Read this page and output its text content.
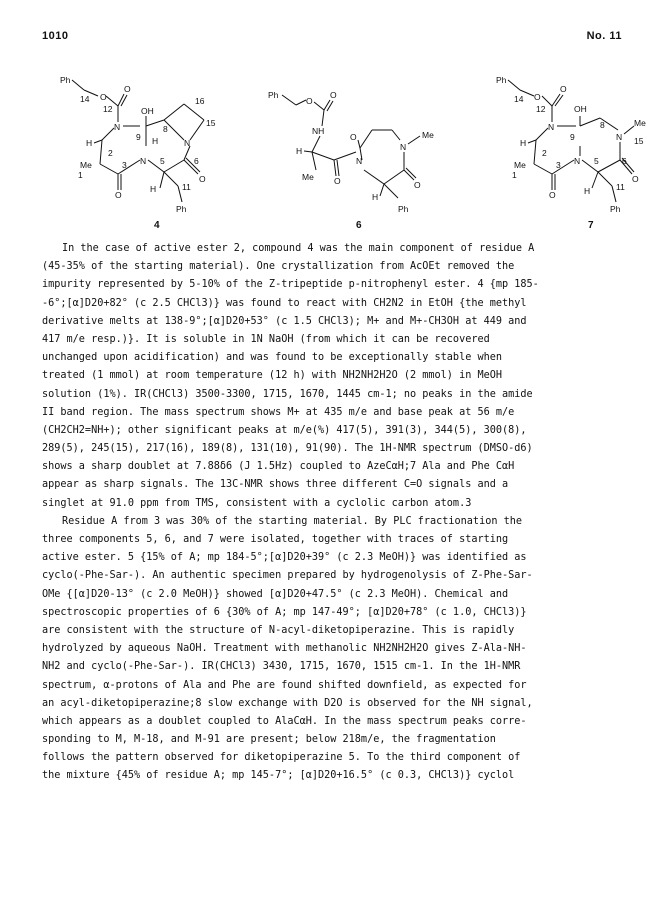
1010	No. 11
Ph
14 O
O
12
N
OH
9
8
16
15
N
H
H
2
Me
1
3
O
N 5	6
O
H	11
Ph
4
Ph
O
O
NH
H
Me O
O
N
Me
O
N
H
Ph
6
Ph
14 O
O
12
N
OH
9
8
N
Me
15
H
2
Me
1
3
O
N 5	6
O
H	11
Ph
7
In the case of active ester 2, compound 4 was the main component of residue A
(45-35% of the starting material). One crystallization from AcOEt removed the
impurity represented by 5-10% of the Z-tripeptide p-nitrophenyl ester. 4 {mp 185-
-6°;[α]D20+82° (c 2.5 CHCl3)} was found to react with CH2N2 in EtOH {the methyl
derivative melts at 138-9°;[α]D20+53° (c 1.5 CHCl3); M+ and M+-CH3OH at 449 and
417 m/e resp.)}. It is soluble in 1N NaOH (from which it can be recovered
unchanged upon acidification) and was found to be exceptionally stable when
treated (1 mmol) at room temperature (12 h) with NH2NH2H2O (2 mmol) in MeOH
solution (1%). IR(CHCl3) 3500-3300, 1715, 1670, 1445 cm-1; no peaks in the amide
II band region. The mass spectrum shows M+ at 435 m/e and base peak at 56 m/e
(CH2CH2=NH+); other significant peaks at m/e(%) 417(5), 391(3), 344(5), 300(8),
289(5), 245(15), 217(16), 189(8), 131(10), 91(90). The 1H-NMR spectrum (DMSO-d6)
shows a sharp doublet at 7.88δ6 (J 1.5Hz) coupled to AzeCαH;7 Ala and Phe CαH
appear as sharp signals. The 13C-NMR shows three different C=O signals and a
singlet at 91.0 ppm from TMS, consistent with a cyclolic carbon atom.3
Residue A from 3 was 30% of the starting material. By PLC fractionation the
three components 5, 6, and 7 were isolated, together with traces of starting
active ester. 5 {15% of A; mp 184-5°;[α]D20+39° (c 2.3 MeOH)} was identified as
cyclo(-Phe-Sar-). An authentic specimen prepared by hydrogenolysis of Z-Phe-Sar-
OMe {[α]D20-13° (c 2.0 MeOH)} showed [α]D20+47.5° (c 2.3 MeOH). Chemical and
spectroscopic properties of 6 {30% of A; mp 147-49°; [α]D20+78° (c 1.0, CHCl3)}
are consistent with the structure of N-acyl-diketopiperazine. This is rapidly
hydrolyzed by aqueous NaOH. Treatment with methanolic NH2NH2H2O gives Z-Ala-NH-
NH2 and cyclo(-Phe-Sar-). IR(CHCl3) 3430, 1715, 1670, 1515 cm-1. In the 1H-NMR
spectrum, α-protons of Ala and Phe are found shifted downfield, as expected for
an acyl-diketopiperazine;8 slow exchange with D2O is observed for the NH signal,
which appears as a doublet coupled to AlaCαH. In the mass spectrum peaks corre-
sponding to M, M-18, and M-91 are present; below 218m/e, the fragmentation
follows the pattern observed for diketopiperazine 5. To the third component of
the mixture {45% of residue A; mp 145-7°; [α]D20+16.5° (c 0.3, CHCl3)} cyclol
